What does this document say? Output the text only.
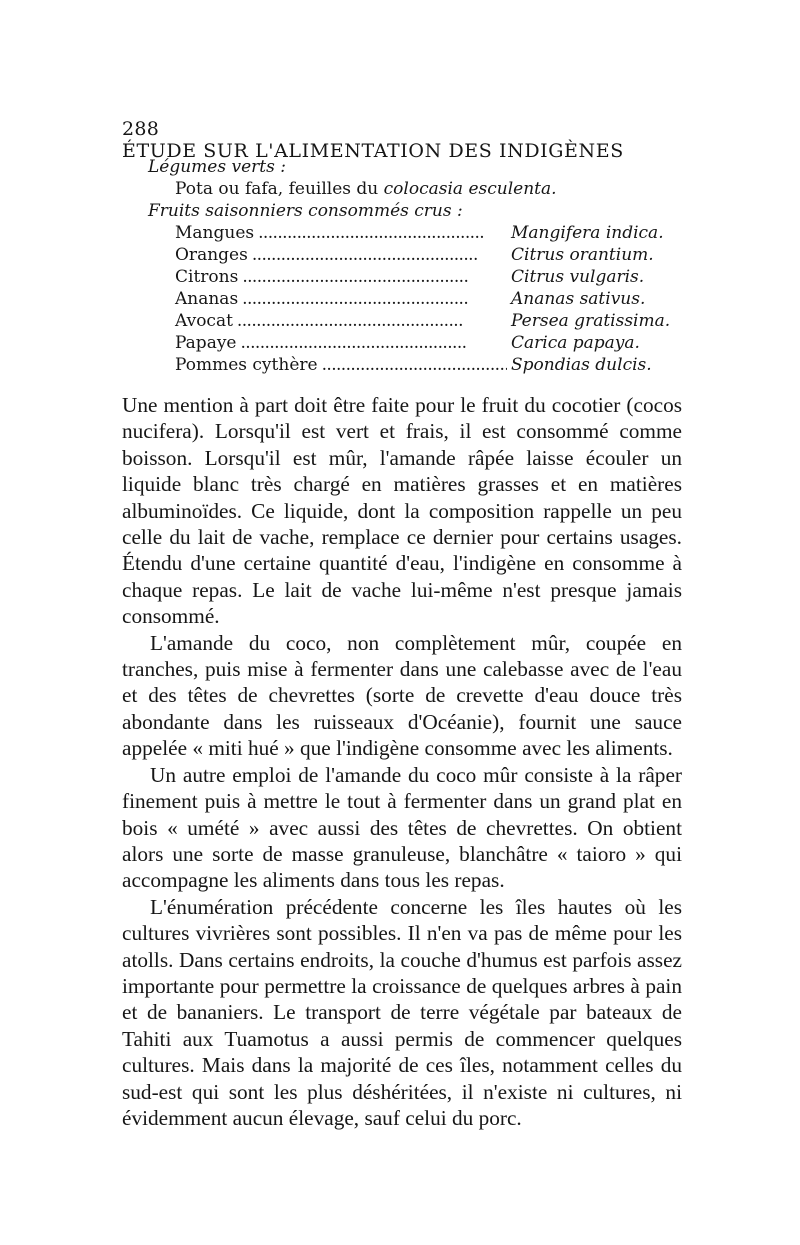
288ÉTUDE SUR L'ALIMENTATION DES INDIGÈNES
Légumes verts :
Pota ou fafa, feuilles du colocasia esculenta.
Fruits saisonniers consommés crus :
Mangues . . .	Mangifera indica.
Oranges . . .	Citrus orantium.
Citrons . . .	Citrus vulgaris.
Ananas . . .	Ananas sativus.
Avocat . . .	Persea gratissima.
Papaye . . .	Carica papaya.
Pommes cythère . . .	Spondias dulcis.

Une mention à part doit être faite pour le fruit du cocotier (cocos nucifera). Lorsqu'il est vert et frais, il est consommé comme boisson. Lorsqu'il est mûr, l'amande râpée laisse écouler un liquide blanc très chargé en matières grasses et en matières albuminoïdes. Ce liquide, dont la composition rappelle un peu celle du lait de vache, remplace ce dernier pour certains usages. Étendu d'une certaine quantité d'eau, l'indigène en consomme à chaque repas. Le lait de vache lui-même n'est presque jamais consommé.

L'amande du coco, non complètement mûr, coupée en tranches, puis mise à fermenter dans une calebasse avec de l'eau et des têtes de chevrettes (sorte de crevette d'eau douce très abondante dans les ruisseaux d'Océanie), fournit une sauce appelée « miti hué » que l'indigène consomme avec les aliments.

Un autre emploi de l'amande du coco mûr consiste à la râper finement puis à mettre le tout à fermenter dans un grand plat en bois « umété » avec aussi des têtes de chevrettes. On obtient alors une sorte de masse granuleuse, blanchâtre « taioro » qui accompagne les aliments dans tous les repas.

L'énumération précédente concerne les îles hautes où les cultures vivrières sont possibles. Il n'en va pas de même pour les atolls. Dans certains endroits, la couche d'humus est parfois assez importante pour permettre la croissance de quelques arbres à pain et de bananiers. Le transport de terre végétale par bateaux de Tahiti aux Tuamotus a aussi permis de commencer quelques cultures. Mais dans la majorité de ces îles, notamment celles du sud-est qui sont les plus déshéritées, il n'existe ni cultures, ni évidemment aucun élevage, sauf celui du porc.
